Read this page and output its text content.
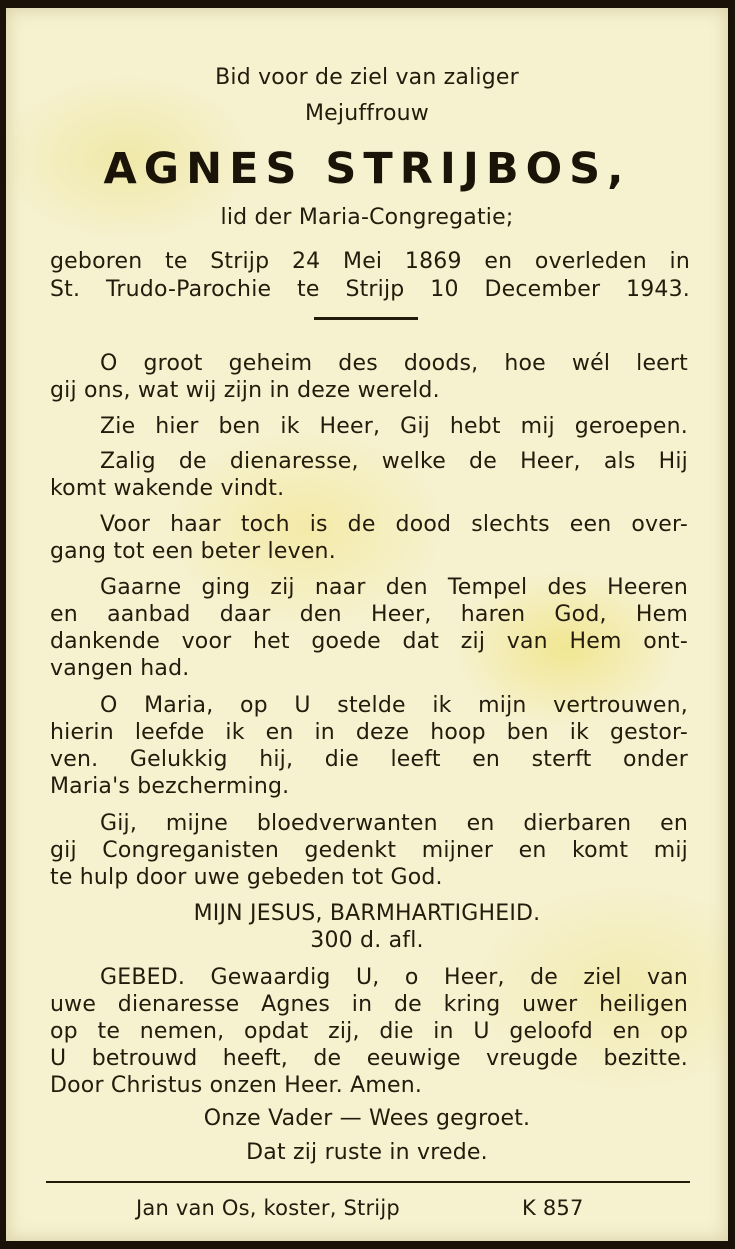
Bid voor de ziel van zaliger

Mejuffrouw

AGNES STRIJBOS,

lid der Maria-Congregatie;

geboren te Strijp 24 Mei 1869 en overleden in

St. Trudo-Parochie te Strijp 10 December 1943.

O groot geheim des doods, hoe wél leert

gij ons, wat wij zijn in deze wereld.

Zie hier ben ik Heer, Gij hebt mij geroepen.

Zalig de dienaresse, welke de Heer, als Hij

komt wakende vindt.

Voor haar toch is de dood slechts een over-

gang tot een beter leven.

Gaarne ging zij naar den Tempel des Heeren

en aanbad daar den Heer, haren God, Hem

dankende voor het goede dat zij van Hem ont-

vangen had.

O Maria, op U stelde ik mijn vertrouwen,

hierin leefde ik en in deze hoop ben ik gestor-

ven. Gelukkig hij, die leeft en sterft onder

Maria's bezcherming.

Gij, mijne bloedverwanten en dierbaren en

gij Congreganisten gedenkt mijner en komt mij

te hulp door uwe gebeden tot God.

MIJN JESUS, BARMHARTIGHEID.

300 d. afl.

GEBED. Gewaardig U, o Heer, de ziel van

uwe dienaresse Agnes in de kring uwer heiligen

op te nemen, opdat zij, die in U geloofd en op

U betrouwd heeft, de eeuwige vreugde bezitte.

Door Christus onzen Heer. Amen.

Onze Vader — Wees gegroet.

Dat zij ruste in vrede.

Jan van Os, koster, Strijp	K 857
